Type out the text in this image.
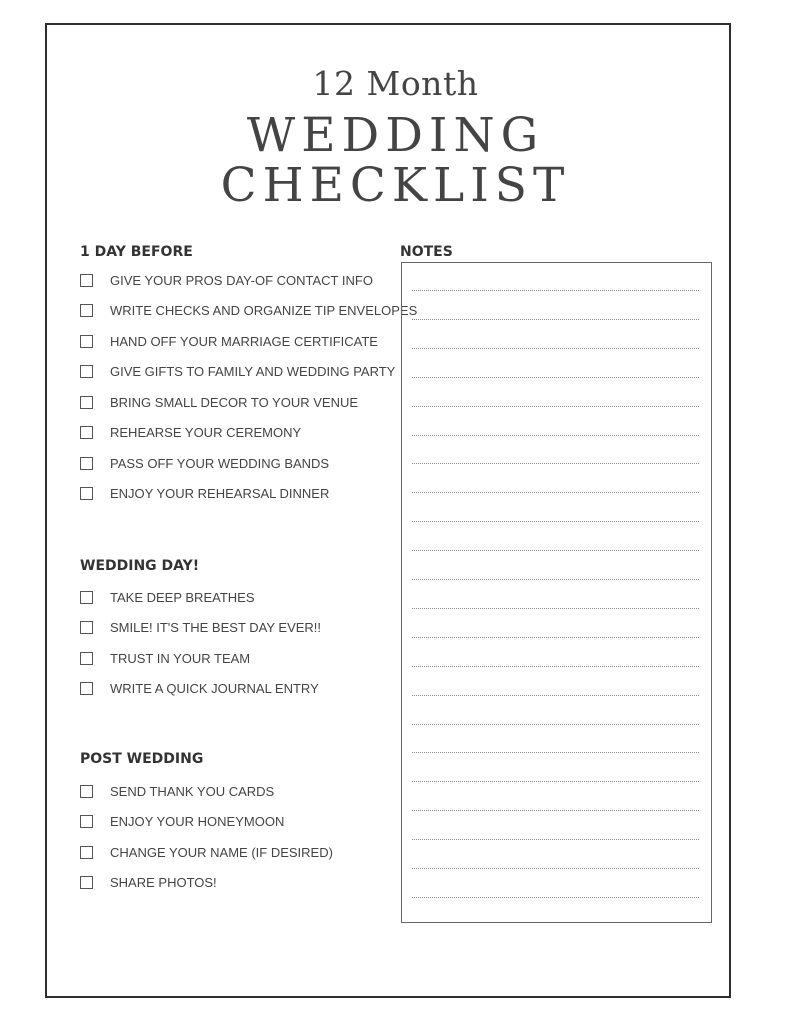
12 Month
WEDDING
CHECKLIST
1 DAY BEFORE
GIVE YOUR PROS DAY-OF CONTACT INFO
WRITE CHECKS AND ORGANIZE TIP ENVELOPES
HAND OFF YOUR MARRIAGE CERTIFICATE
GIVE GIFTS TO FAMILY AND WEDDING PARTY
BRING SMALL DECOR TO YOUR VENUE
REHEARSE YOUR CEREMONY
PASS OFF YOUR WEDDING BANDS
ENJOY YOUR REHEARSAL DINNER
WEDDING DAY!
TAKE DEEP BREATHES
SMILE! IT'S THE BEST DAY EVER!!
TRUST IN YOUR TEAM
WRITE A QUICK JOURNAL ENTRY
POST WEDDING
SEND THANK YOU CARDS
ENJOY YOUR HONEYMOON
CHANGE YOUR NAME (IF DESIRED)
SHARE PHOTOS!
NOTES
